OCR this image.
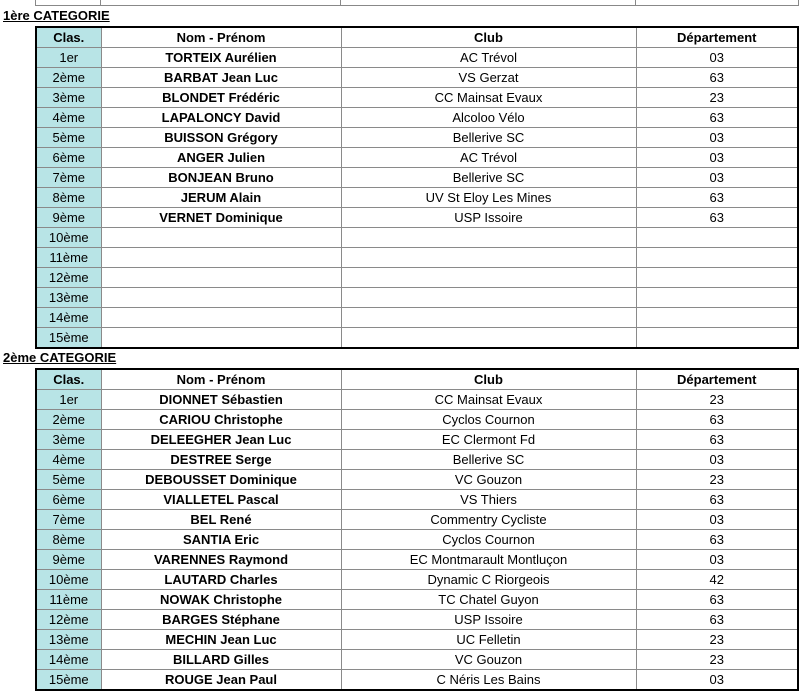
1ère CATEGORIE
Clas.	Nom - Prénom	Club	Département
1er	TORTEIX Aurélien	AC Trévol	03
2ème	BARBAT Jean Luc	VS Gerzat	63
3ème	BLONDET Frédéric	CC Mainsat Evaux	23
4ème	LAPALONCY David	Alcoloo Vélo	63
5ème	BUISSON Grégory	Bellerive SC	03
6ème	ANGER Julien	AC Trévol	03
7ème	BONJEAN Bruno	Bellerive SC	03
8ème	JERUM Alain	UV St Eloy Les Mines	63
9ème	VERNET Dominique	USP Issoire	63
10ème			
11ème			
12ème			
13ème			
14ème			
15ème			
2ème CATEGORIE
Clas.	Nom - Prénom	Club	Département
1er	DIONNET Sébastien	CC Mainsat Evaux	23
2ème	CARIOU Christophe	Cyclos Cournon	63
3ème	DELEEGHER Jean Luc	EC Clermont Fd	63
4ème	DESTREE Serge	Bellerive SC	03
5ème	DEBOUSSET Dominique	VC Gouzon	23
6ème	VIALLETEL Pascal	VS Thiers	63
7ème	BEL René	Commentry Cycliste	03
8ème	SANTIA Eric	Cyclos Cournon	63
9ème	VARENNES Raymond	EC Montmarault Montluçon	03
10ème	LAUTARD Charles	Dynamic C Riorgeois	42
11ème	NOWAK Christophe	TC Chatel Guyon	63
12ème	BARGES Stéphane	USP Issoire	63
13ème	MECHIN Jean Luc	UC Felletin	23
14ème	BILLARD Gilles	VC Gouzon	23
15ème	ROUGE Jean Paul	C Néris Les Bains	03
